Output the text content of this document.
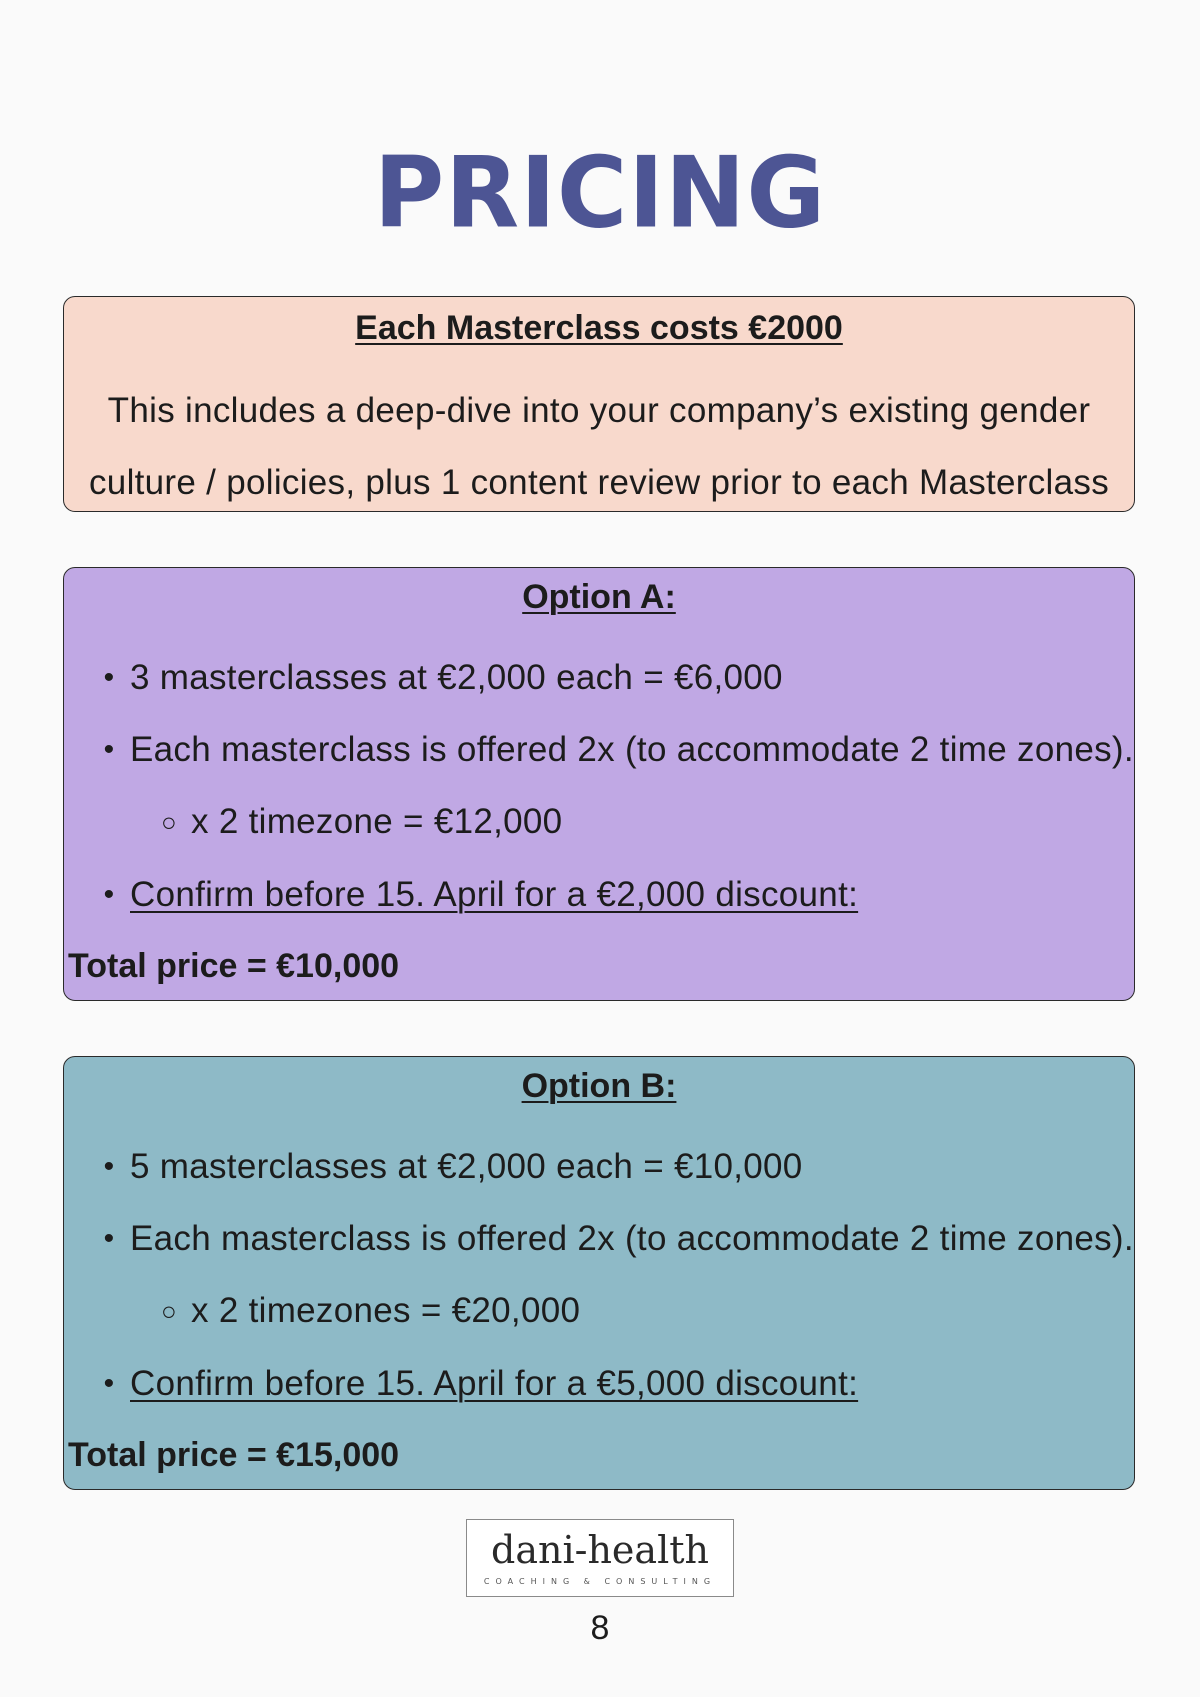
PRICING

Each Masterclass costs €2000

This includes a deep-dive into your company’s existing gender
culture / policies, plus 1 content review prior to each Masterclass

Option A:

• 3 masterclasses at €2,000 each = €6,000
• Each masterclass is offered 2x (to accommodate 2 time zones).
○ x 2 timezone = €12,000
• Confirm before 15. April for a €2,000 discount:

Total price = €10,000

Option B:

• 5 masterclasses at €2,000 each = €10,000
• Each masterclass is offered 2x (to accommodate 2 time zones).
○ x 2 timezones = €20,000
• Confirm before 15. April for a €5,000 discount:

Total price = €15,000

dani-health
COACHING & CONSULTING
8
